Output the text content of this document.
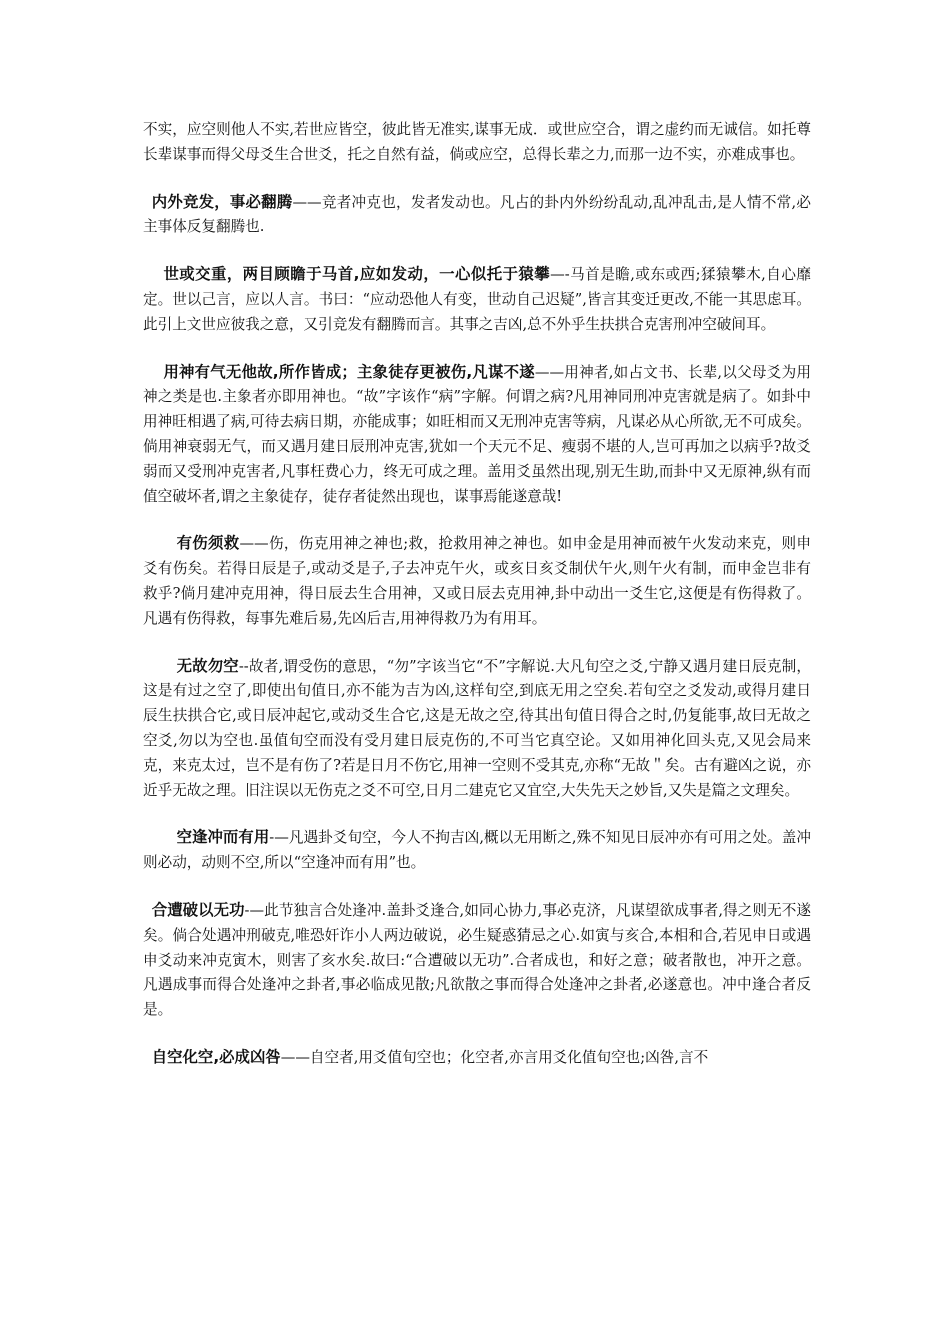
不实，应空则他人不实,若世应皆空，彼此皆无准实,谋事无成．或世应空合，谓之虚约而无诚信。如托尊长辈谋事而得父母爻生合世爻，托之自然有益，倘或应空，总得长辈之力,而那一边不实，亦难成事也。

内外竞发，事必翻腾——竞者冲克也，发者发动也。凡占的卦内外纷纷乱动,乱冲乱击,是人情不常,必主事体反复翻腾也.

世或交重，两目顾瞻于马首,应如发动，一心似托于猿攀—-马首是瞻,或东或西;猱猿攀木,自心靡定。世以己言，应以人言。书曰：“应动恐他人有变，世动自己迟疑”,皆言其变迁更改,不能一其思虑耳。此引上文世应彼我之意，又引竞发有翻腾而言。其事之吉凶,总不外乎生扶拱合克害刑冲空破间耳。

用神有气无他故,所作皆成；主象徒存更被伤,凡谋不遂——用神者,如占文书、长辈,以父母爻为用神之类是也.主象者亦即用神也。“故”字该作“病”字解。何谓之病?凡用神同刑冲克害就是病了。如卦中用神旺相遇了病,可待去病日期，亦能成事；如旺相而又无刑冲克害等病，凡谋必从心所欲,无不可成矣。倘用神衰弱无气，而又遇月建日辰刑冲克害,犹如一个天元不足、瘦弱不堪的人,岂可再加之以病乎?故爻弱而又受刑冲克害者,凡事枉费心力，终无可成之理。盖用爻虽然出现,别无生助,而卦中又无原神,纵有而值空破坏者,谓之主象徒存，徒存者徒然出现也，谋事焉能遂意哉!

有伤须救——伤，伤克用神之神也;救，抢救用神之神也。如申金是用神而被午火发动来克，则申爻有伤矣。若得日辰是子,或动爻是子,子去冲克午火，或亥日亥爻制伏午火,则午火有制，而申金岂非有救乎?倘月建冲克用神，得日辰去生合用神，又或日辰去克用神,卦中动出一爻生它,这便是有伤得救了。凡遇有伤得救，每事先难后易,先凶后吉,用神得救乃为有用耳。

无故勿空--故者,谓受伤的意思，“勿”字该当它“不”字解说.大凡旬空之爻,宁静又遇月建日辰克制，这是有过之空了,即使出旬值日,亦不能为吉为凶,这样旬空,到底无用之空矣.若旬空之爻发动,或得月建日辰生扶拱合它,或日辰冲起它,或动爻生合它,这是无故之空,待其出旬值日得合之时,仍复能事,故曰无故之空爻,勿以为空也.虽值旬空而没有受月建日辰克伤的,不可当它真空论。又如用神化回头克,又见会局来克，来克太过，岂不是有伤了?若是日月不伤它,用神一空则不受其克,亦称“无故＂矣。古有避凶之说，亦近乎无故之理。旧注误以无伤克之爻不可空,日月二建克它又宜空,大失先天之妙旨,又失是篇之文理矣。

空逢冲而有用-—凡遇卦爻旬空，今人不拘吉凶,概以无用断之,殊不知见日辰冲亦有可用之处。盖冲则必动，动则不空,所以“空逢冲而有用”也。

合遭破以无功-—此节独言合处逢冲.盖卦爻逢合,如同心协力,事必克济，凡谋望欲成事者,得之则无不遂矣。倘合处遇冲刑破克,唯恐奸诈小人两边破说，必生疑惑猜忌之心.如寅与亥合,本相和合,若见申日或遇申爻动来冲克寅木，则害了亥水矣.故曰:“合遭破以无功”.合者成也，和好之意；破者散也，冲开之意。凡遇成事而得合处逢冲之卦者,事必临成见散;凡欲散之事而得合处逢冲之卦者,必遂意也。冲中逢合者反是。

自空化空,必成凶咎——自空者,用爻值旬空也；化空者,亦言用爻化值旬空也;凶咎,言不
